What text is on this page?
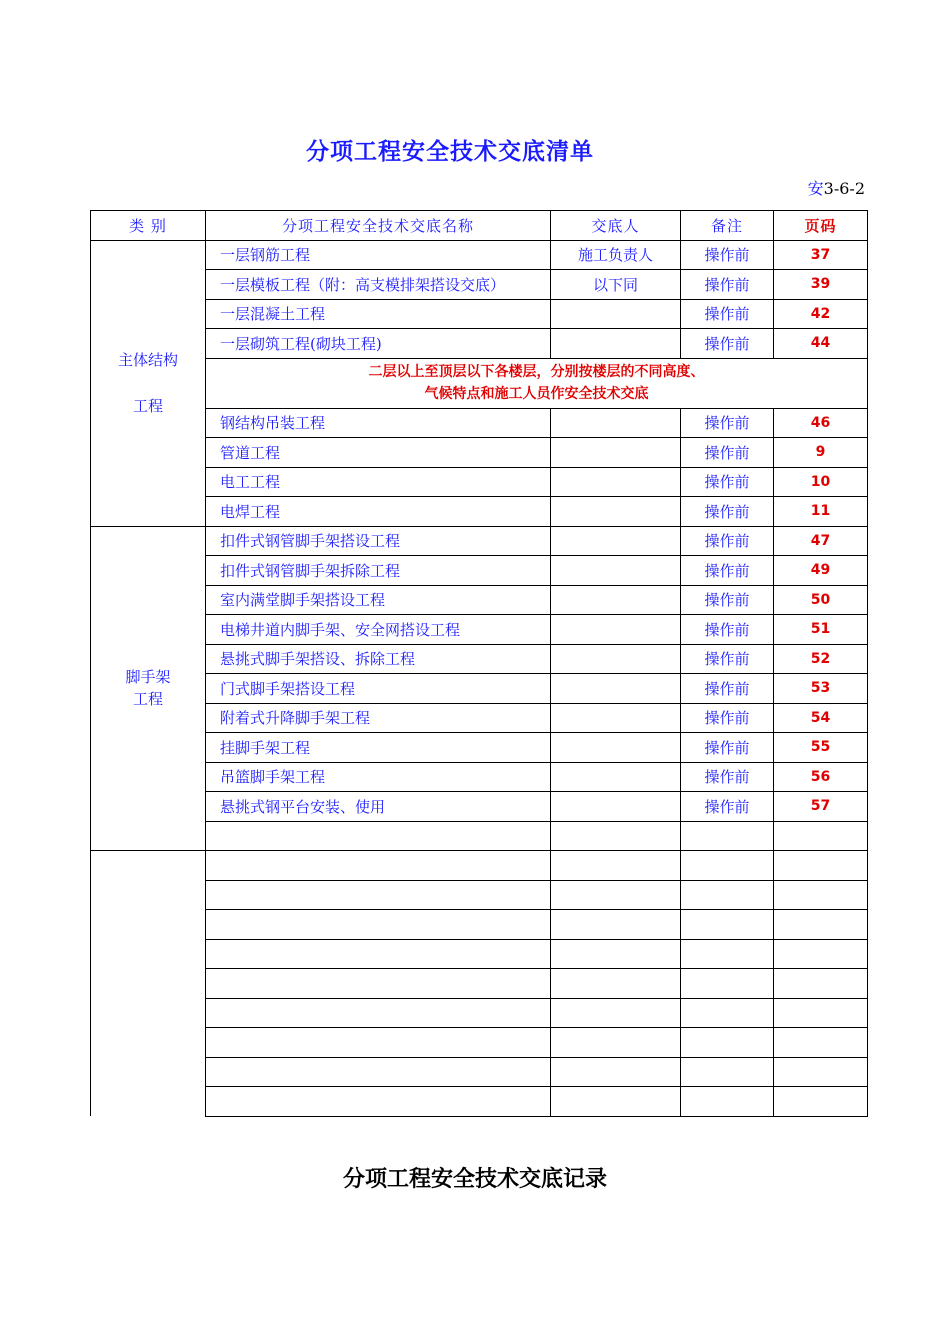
分项工程安全技术交底清单
安3-6-2
类 别	分项工程安全技术交底名称	交底人	备注	页码

主体结构
工程	一层钢筋工程	施工负责人	操作前	37
	一层模板工程（附：高支模排架搭设交底）	以下同	操作前	39
	一层混凝土工程		操作前	42
	一层砌筑工程(砌块工程)		操作前	44

	二层以上至顶层以下各楼层，分别按楼层的不同高度、
气候特点和施工人员作安全技术交底			

	钢结构吊装工程		操作前	46
	管道工程		操作前	9
	电工工程		操作前	10
	电焊工程		操作前	11

脚手架
工程	扣件式钢管脚手架搭设工程		操作前	47
	扣件式钢管脚手架拆除工程		操作前	49
	室内满堂脚手架搭设工程		操作前	50
	电梯井道内脚手架、安全网搭设工程		操作前	51
	悬挑式脚手架搭设、拆除工程		操作前	52
	门式脚手架搭设工程		操作前	53
	附着式升降脚手架工程		操作前	54
	挂脚手架工程		操作前	55
	吊篮脚手架工程		操作前	56
	悬挑式钢平台安装、使用		操作前	57

分项工程安全技术交底记录
